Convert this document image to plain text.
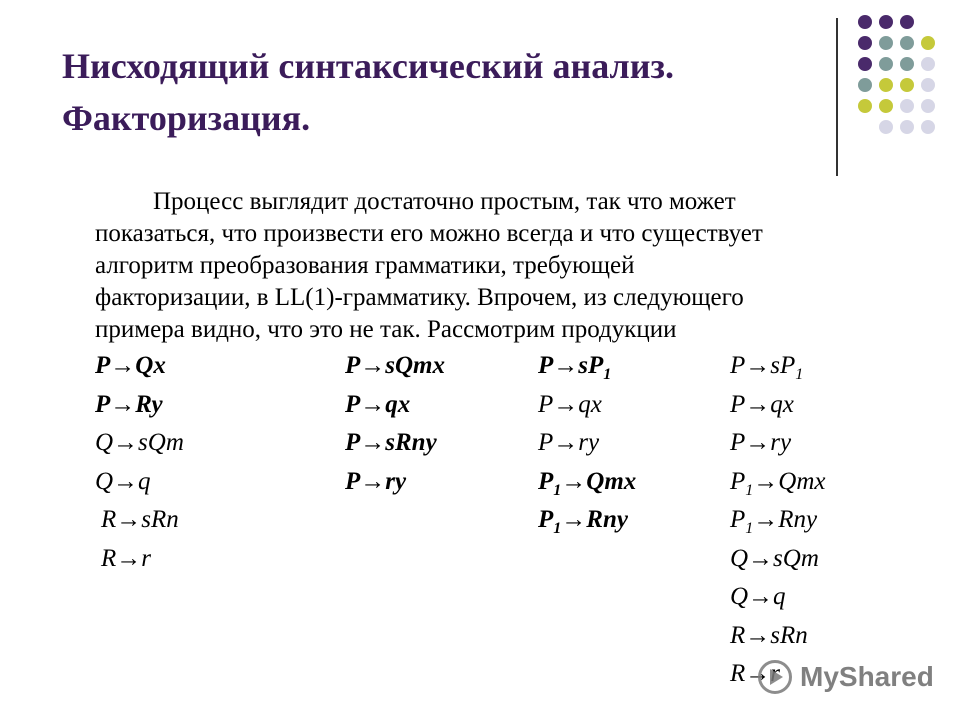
Нисходящий синтаксический анализ.
Факторизация.
Процесс выглядит достаточно простым, так что может
показаться, что произвести его можно всегда и что существует
алгоритм преобразования грамматики, требующей
факторизации, в LL(1)-грамматику. Впрочем, из следующего
примера видно, что это не так. Рассмотрим продукции
P→Qx
P→Ry
Q→sQm
Q→q
R→sRn
R→r
P→sQmx
P→qx
P→sRny
P→ry
$P\to sP_1$
P→qx
P→ry
$P_1\to Qmx$
$P_1\to Rny$
$P\to sP_1$
P→qx
P→ry
$P_1\to Qmx$
$P_1\to Rny$
Q→sQm
Q→q
R→sRn
R→r MyShared
